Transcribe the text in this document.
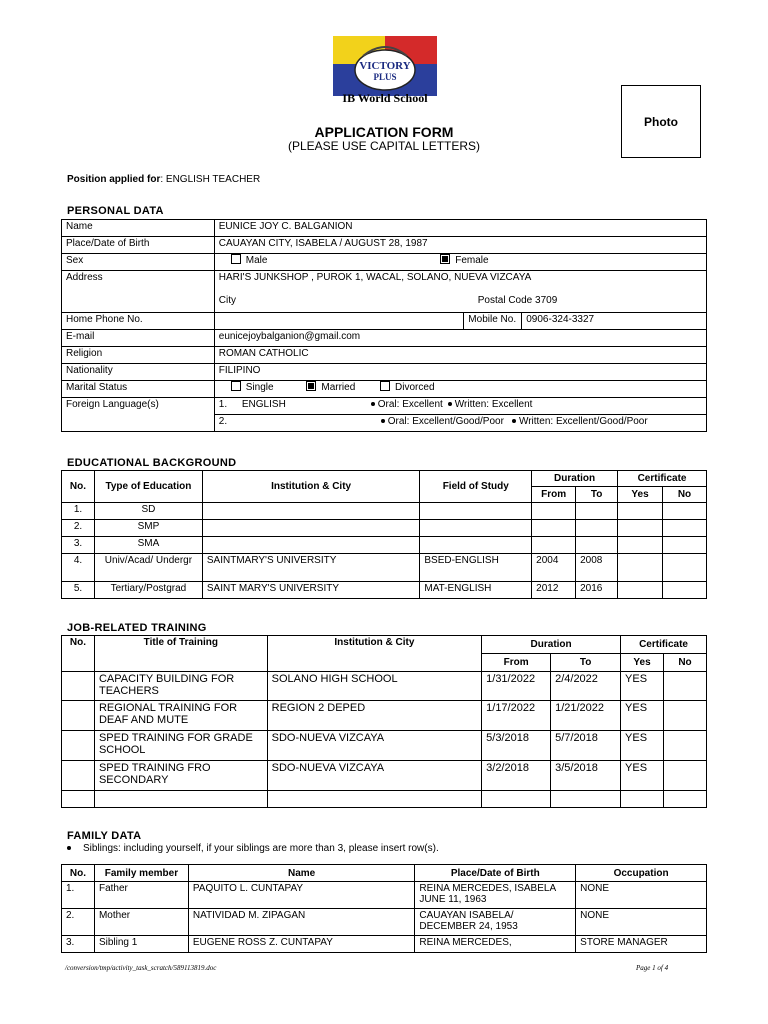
VICTORY
PLUS
IB World School
Photo
APPLICATION FORM
(PLEASE USE CAPITAL LETTERS)
Position applied for: ENGLISH TEACHER
PERSONAL DATA
Name	EUNICE JOY C. BALGANION		
Place/Date of Birth	CAUAYAN CITY, ISABELA / AUGUST 28, 1987		
Sex	Male Female		
Address	HARI'S JUNKSHOP , PUROK 1, WACAL, SOLANO, NUEVA VIZCAYA
City Postal Code 3709		

Home Phone No.		Mobile No.	0906-324-3327
E-mail	eunicejoybalganion@gmail.com		
Religion	ROMAN CATHOLIC		
Nationality	FILIPINO		
Marital Status	Single Married Divorced		
Foreign Language(s)	1. ENGLISH Oral: Excellent Written: Excellent		

	2. Oral: Excellent/Good/Poor Written: Excellent/Good/Poor		
EDUCATIONAL BACKGROUND
No.	Type of Education	Institution & City	Field of Study	Duration		Certificate	
				From	To	Yes	No
1.	SD						
2.	SMP						
3.	SMA						
4.	Univ/Acad/ Undergr	SAINTMARY'S UNIVERSITY	BSED-ENGLISH	2004	2008		
5.	Tertiary/Postgrad	SAINT MARY'S UNIVERSITY	MAT-ENGLISH	2012	2016		
JOB-RELATED TRAINING
No.	Title of Training	Institution & City	Duration		Certificate	
			From	To	Yes	No
	CAPACITY BUILDING FOR TEACHERS	SOLANO HIGH SCHOOL	1/31/2022	2/4/2022	YES	
	REGIONAL TRAINING FOR DEAF AND MUTE	REGION 2 DEPED	1/17/2022	1/21/2022	YES	
	SPED TRAINING FOR GRADE SCHOOL	SDO-NUEVA VIZCAYA	5/3/2018	5/7/2018	YES	
	SPED TRAINING FRO SECONDARY	SDO-NUEVA VIZCAYA	3/2/2018	3/5/2018	YES	

FAMILY DATA
Siblings: including yourself, if your siblings are more than 3, please insert row(s).
No.	Family member	Name	Place/Date of Birth	Occupation
1.	Father	PAQUITO L. CUNTAPAY	REINA MERCEDES, ISABELA JUNE 11, 1963	NONE
2.	Mother	NATIVIDAD M. ZIPAGAN	CAUAYAN ISABELA/ DECEMBER 24, 1953	NONE
3.	Sibling 1	EUGENE ROSS Z. CUNTAPAY	REINA MERCEDES,	STORE MANAGER
/conversion/tmp/activity_task_scratch/589113819.doc	Page 1 of 4
